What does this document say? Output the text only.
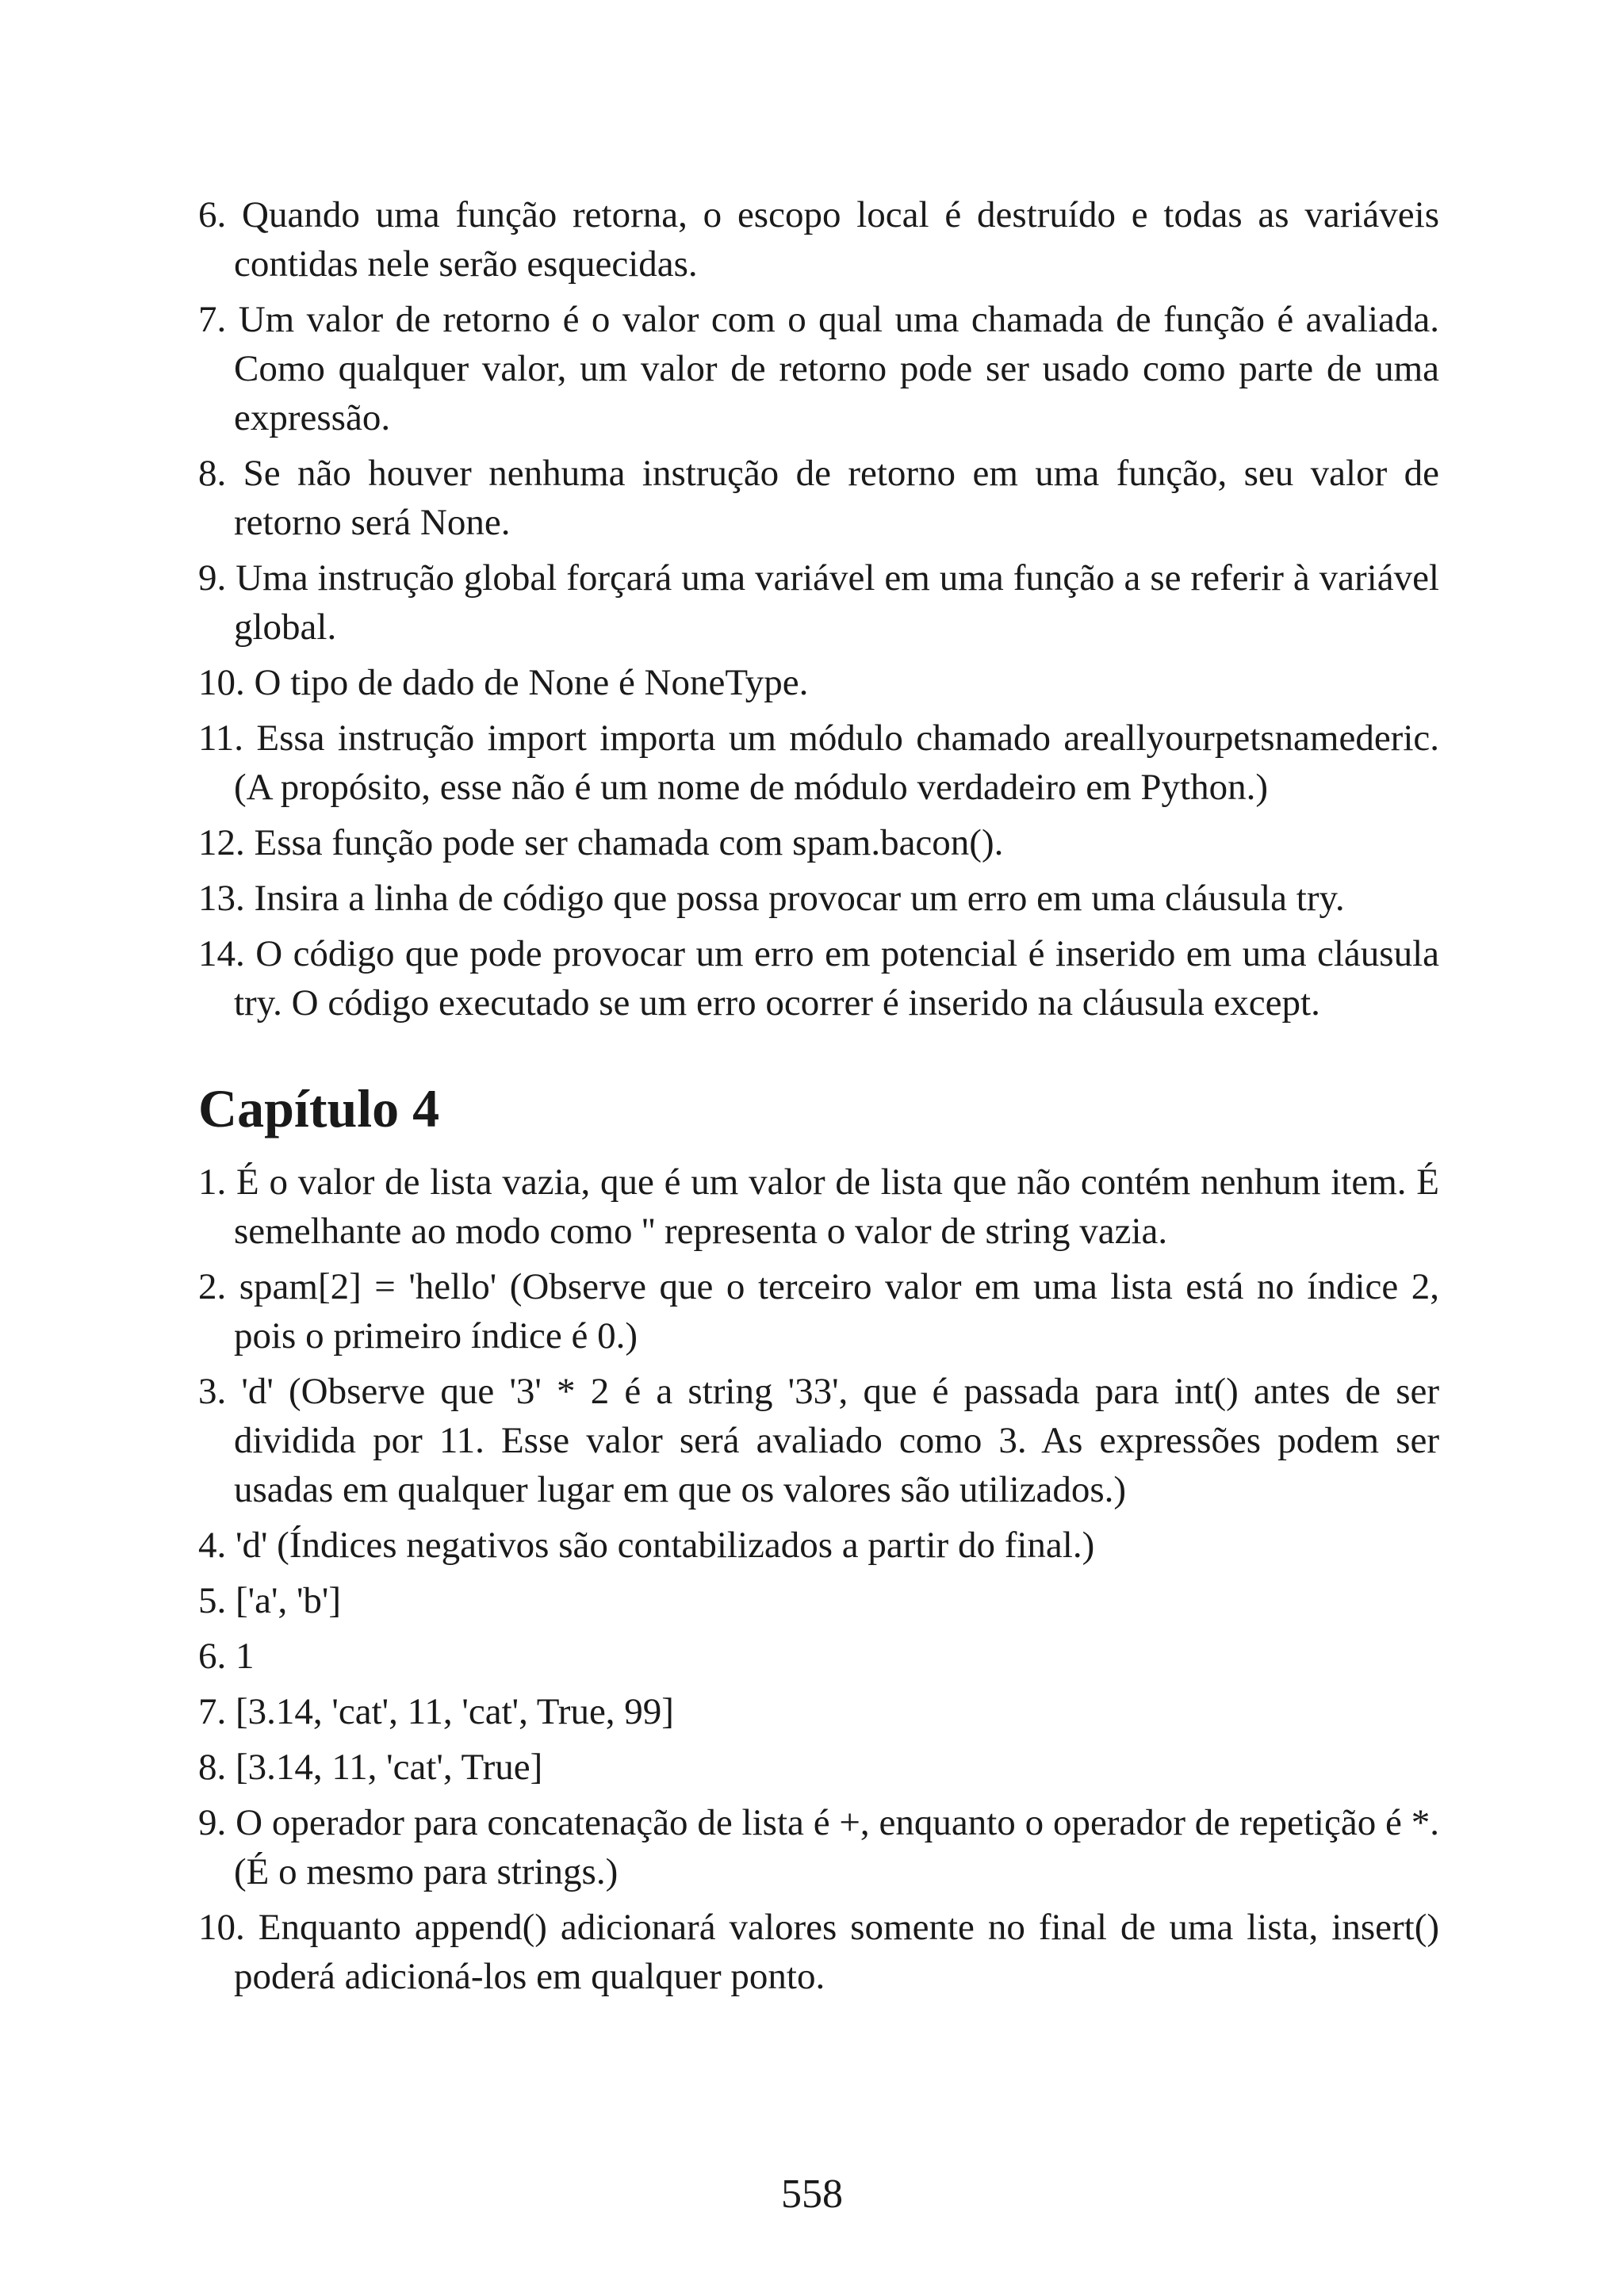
6. Quando uma função retorna, o escopo local é destruído e todas as variáveis contidas nele serão esquecidas.

7. Um valor de retorno é o valor com o qual uma chamada de função é avaliada. Como qualquer valor, um valor de retorno pode ser usado como parte de uma expressão.

8. Se não houver nenhuma instrução de retorno em uma função, seu valor de retorno será None.

9. Uma instrução global forçará uma variável em uma função a se referir à variável global.

10. O tipo de dado de None é NoneType.

11. Essa instrução import importa um módulo chamado areallyourpetsnamederic. (A propósito, esse não é um nome de módulo verdadeiro em Python.)

12. Essa função pode ser chamada com spam.bacon().

13. Insira a linha de código que possa provocar um erro em uma cláusula try.

14. O código que pode provocar um erro em potencial é inserido em uma cláusula try. O código executado se um erro ocorrer é inserido na cláusula except.

Capítulo 4

1. É o valor de lista vazia, que é um valor de lista que não contém nenhum item. É semelhante ao modo como '' representa o valor de string vazia.

2. spam[2] = 'hello' (Observe que o terceiro valor em uma lista está no índice 2, pois o primeiro índice é 0.)

3. 'd' (Observe que '3' * 2 é a string '33', que é passada para int() antes de ser dividida por 11. Esse valor será avaliado como 3. As expressões podem ser usadas em qualquer lugar em que os valores são utilizados.)

4. 'd' (Índices negativos são contabilizados a partir do final.)

5. ['a', 'b']

6. 1

7. [3.14, 'cat', 11, 'cat', True, 99]

8. [3.14, 11, 'cat', True]

9. O operador para concatenação de lista é +, enquanto o operador de repetição é *. (É o mesmo para strings.)

10. Enquanto append() adicionará valores somente no final de uma lista, insert() poderá adicioná-los em qualquer ponto.

558
